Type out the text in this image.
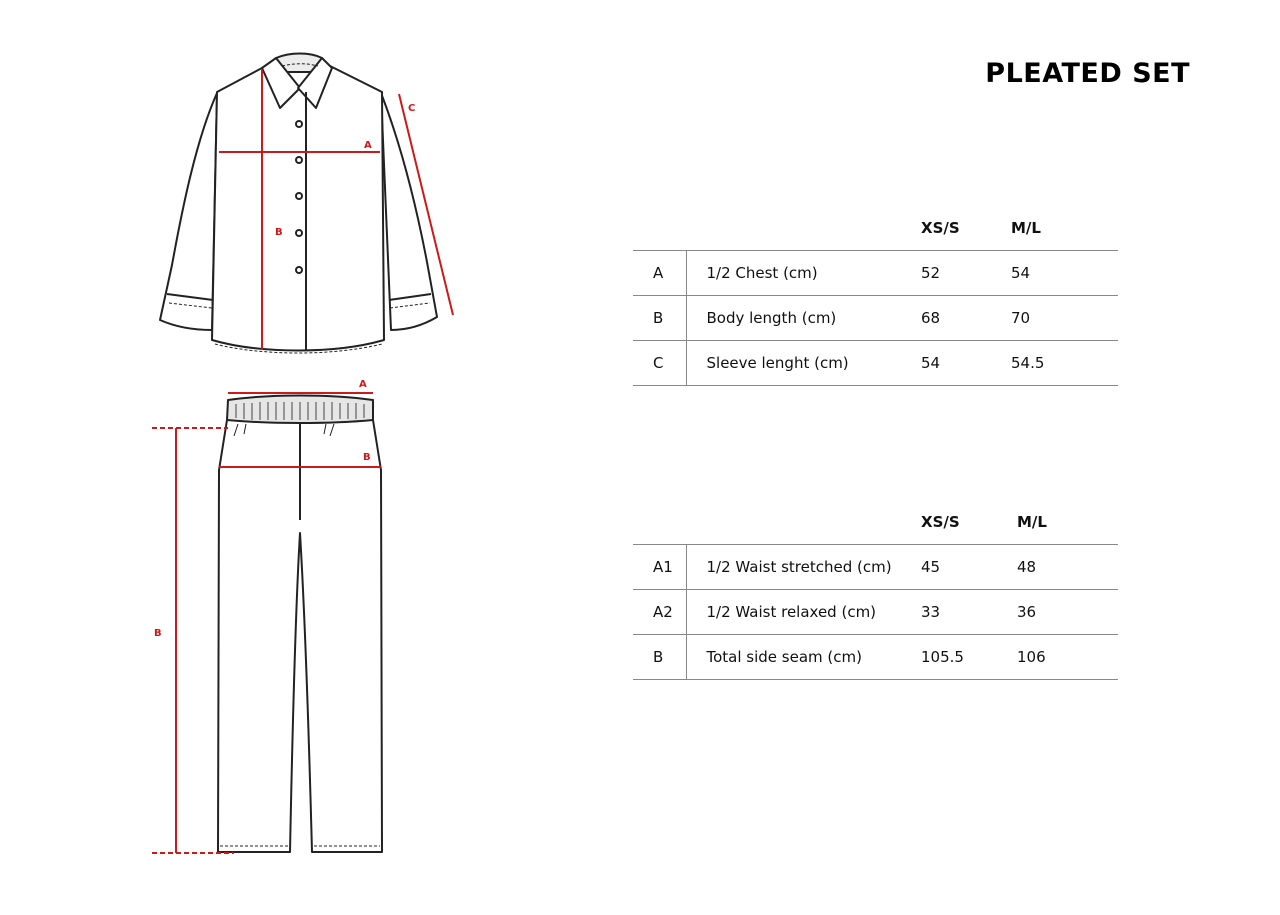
A
B
C
A
B
B
PLEATED SET
		XS/S	M/L
A	1/2 Chest (cm)	52	54
B	Body length (cm)	68	70
C	Sleeve lenght (cm)	54	54.5
		XS/S	M/L
A1	1/2 Waist stretched (cm)	45	48
A2	1/2 Waist relaxed (cm)	33	36
B	Total side seam (cm)	105.5	106
